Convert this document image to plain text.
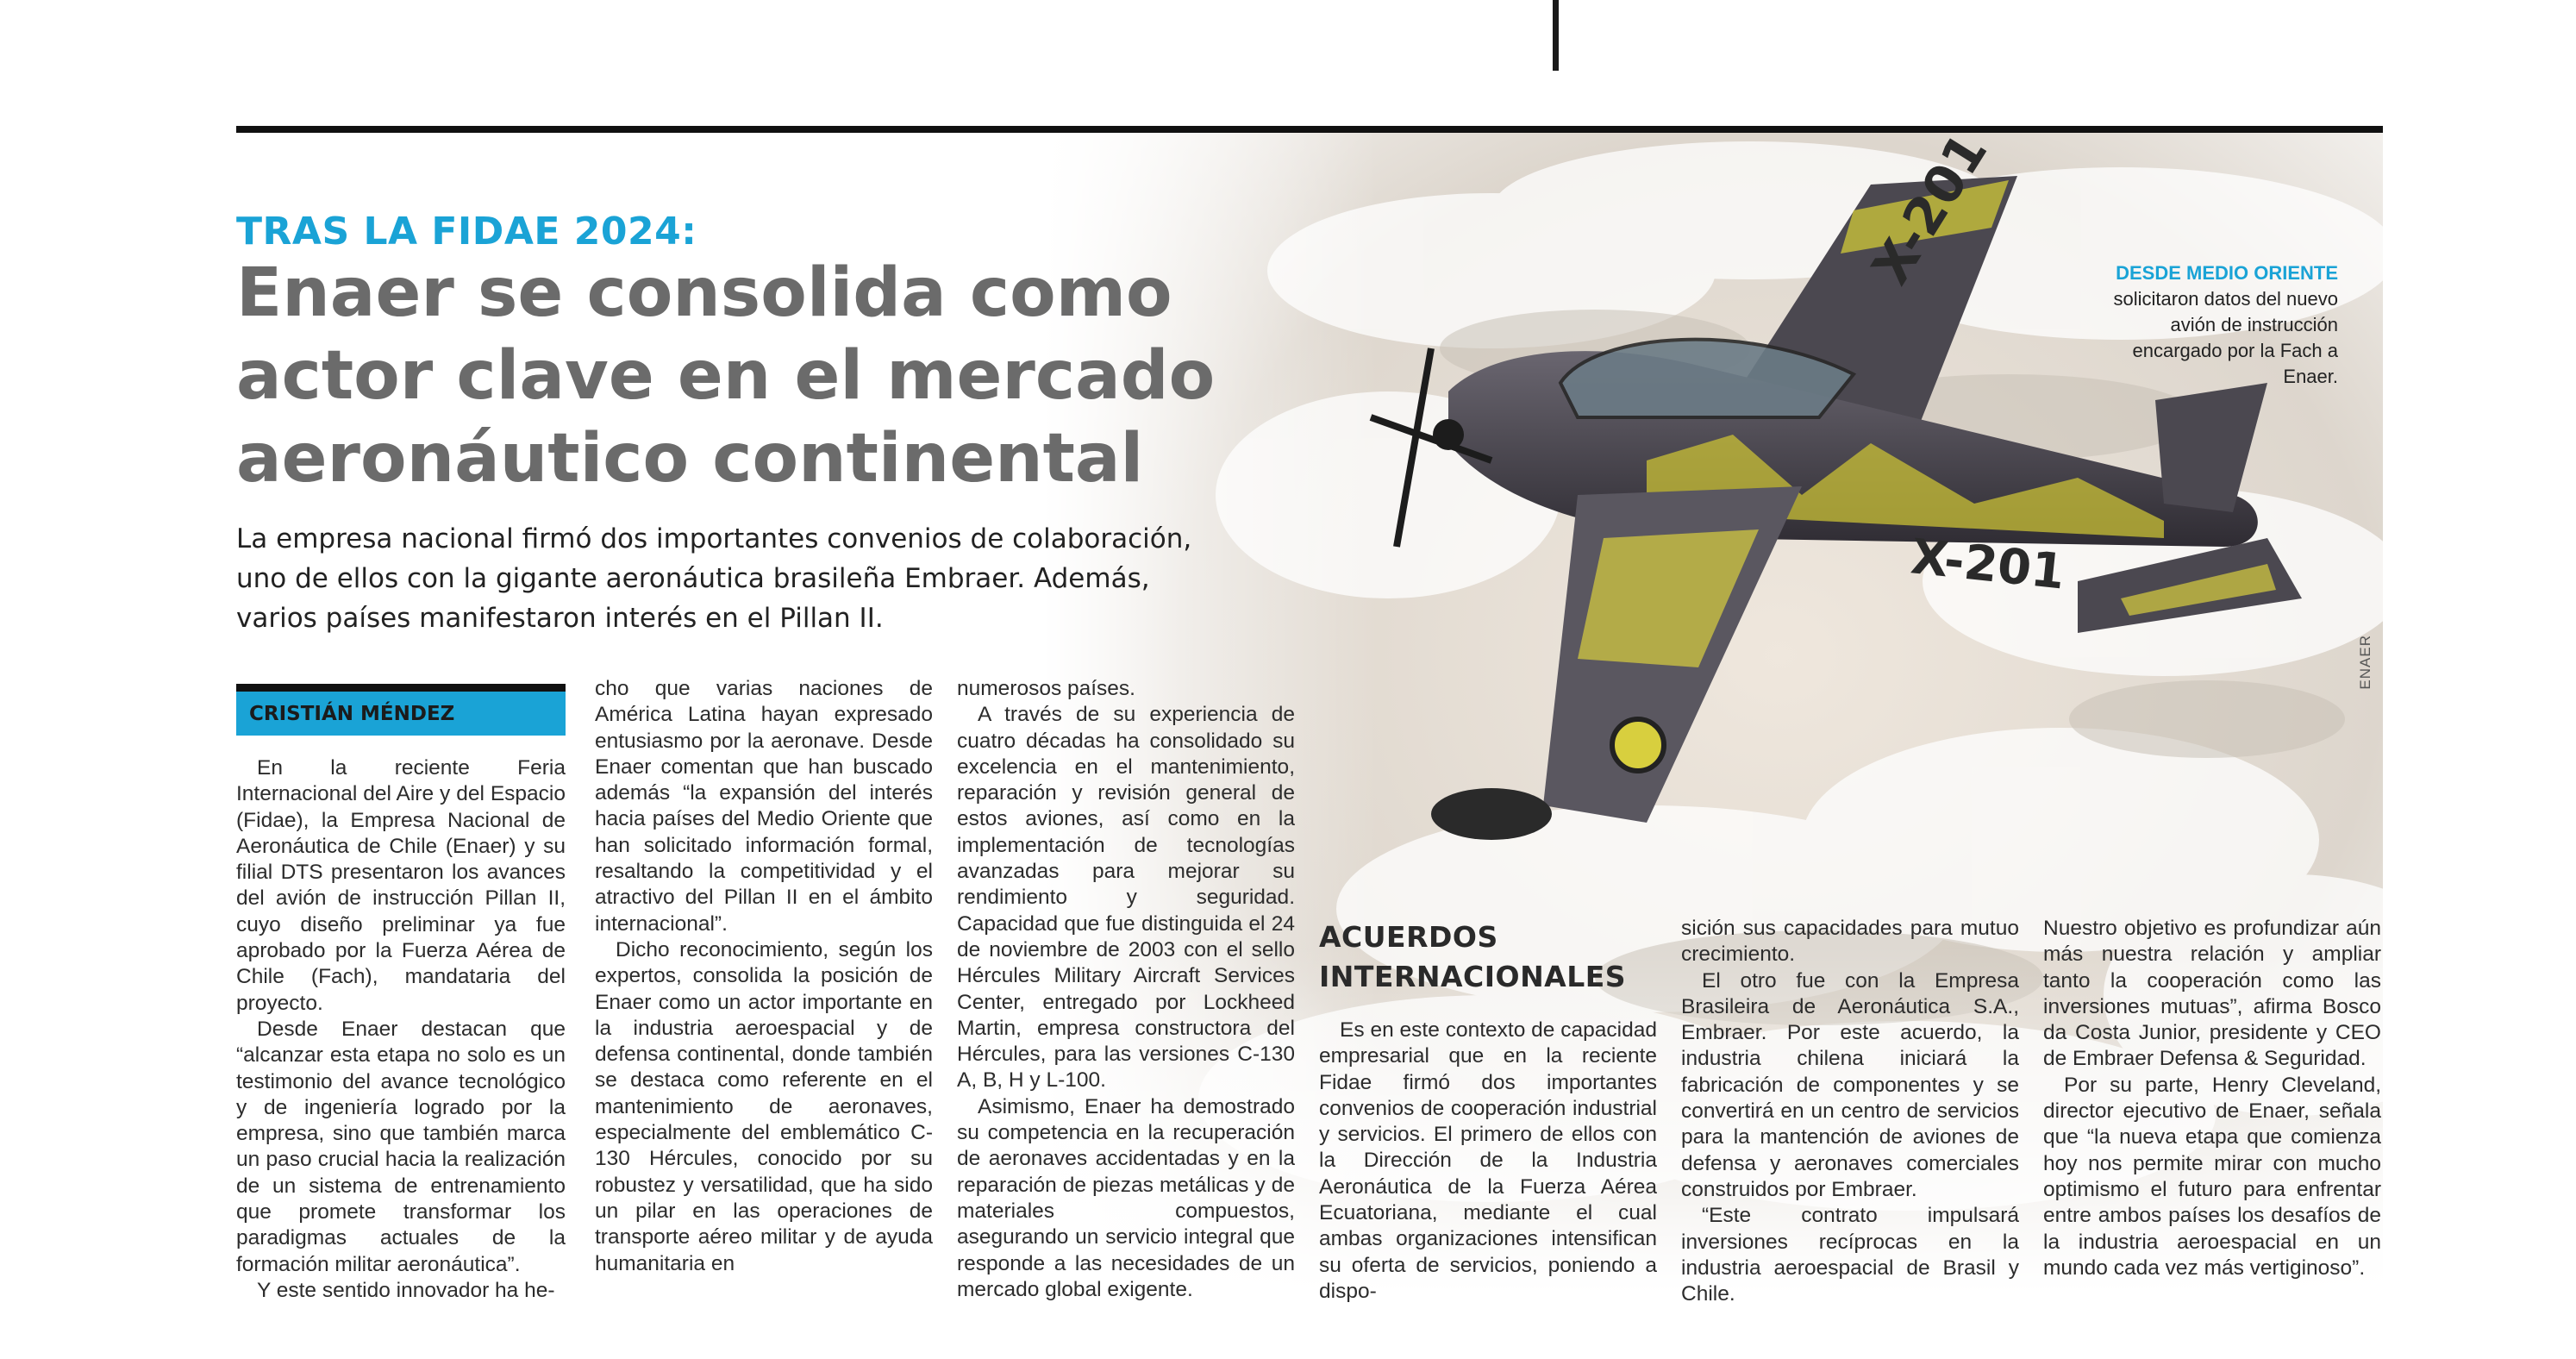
ENAER
DESDE MEDIO ORIENTE
solicitaron datos del nuevo avión de instrucción encargado por la Fach a Enaer.
TRAS LA FIDAE 2024:
Enaer se consolida como actor clave en el mercado aeronáutico continental

La empresa nacional firmó dos importantes convenios de colaboración, uno de ellos con la gigante aeronáutica brasileña Embraer. Además, varios países manifestaron interés en el Pillan II.

CRISTIÁN MÉNDEZ

En la reciente Feria Internacional del Aire y del Espacio (Fidae), la Empresa Nacional de Aeronáutica de Chile (Enaer) y su filial DTS presentaron los avances del avión de instrucción Pillan II, cuyo diseño preliminar ya fue aprobado por la Fuerza Aérea de Chile (Fach), mandataria del proyecto.

Desde Enaer destacan que “alcanzar esta etapa no solo es un testimonio del avance tecnológico y de ingeniería logrado por la empresa, sino que también marca un paso crucial hacia la realización de un sistema de entrenamiento que promete transformar los paradigmas actuales de la formación militar aeronáutica”.

Y este sentido innovador ha he-

cho que varias naciones de América Latina hayan expresado entusiasmo por la aeronave. Desde Enaer comentan que han buscado además “la expansión del interés hacia países del Medio Oriente que han solicitado información formal, resaltando la competitividad y el atractivo del Pillan II en el ámbito internacional”.

Dicho reconocimiento, según los expertos, consolida la posición de Enaer como un actor importante en la industria aeroespacial y de defensa continental, donde también se destaca como referente en el mantenimiento de aeronaves, especialmente del emblemático C-130 Hércules, conocido por su robustez y versatilidad, que ha sido un pilar en las operaciones de transporte aéreo militar y de ayuda humanitaria en

numerosos países.

A través de su experiencia de cuatro décadas ha consolidado su excelencia en el mantenimiento, reparación y revisión general de estos aviones, así como en la implementación de tecnologías avanzadas para mejorar su rendimiento y seguridad. Capacidad que fue distinguida el 24 de noviembre de 2003 con el sello Hércules Military Aircraft Services Center, entregado por Lockheed Martin, empresa constructora del Hércules, para las versiones C-130 A, B, H y L-100.

Asimismo, Enaer ha demostrado su competencia en la recuperación de aeronaves accidentadas y en la reparación de piezas metálicas y de materiales compuestos, asegurando un servicio integral que responde a las necesidades de un mercado global exigente.

ACUERDOS INTERNACIONALES

Es en este contexto de capacidad empresarial que en la reciente Fidae firmó dos importantes convenios de cooperación industrial y servicios. El primero de ellos con la Dirección de la Industria Aeronáutica de la Fuerza Aérea Ecuatoriana, mediante el cual ambas organizaciones intensifican su oferta de servicios, poniendo a dispo-

sición sus capacidades para mutuo crecimiento.

El otro fue con la Empresa Brasileira de Aeronáutica S.A., Embraer. Por este acuerdo, la industria chilena iniciará la fabricación de componentes y se convertirá en un centro de servicios para la mantención de aviones de defensa y aeronaves comerciales construidos por Embraer.

“Este contrato impulsará inversiones recíprocas en la industria aeroespacial de Brasil y Chile.

Nuestro objetivo es profundizar aún más nuestra relación y ampliar tanto la cooperación como las inversiones mutuas”, afirma Bosco da Costa Junior, presidente y CEO de Embraer Defensa & Seguridad.

Por su parte, Henry Cleveland, director ejecutivo de Enaer, señala que “la nueva etapa que comienza hoy nos permite mirar con mucho optimismo el futuro para enfrentar entre ambos países los desafíos de la industria aeroespacial en un mundo cada vez más vertiginoso”.
